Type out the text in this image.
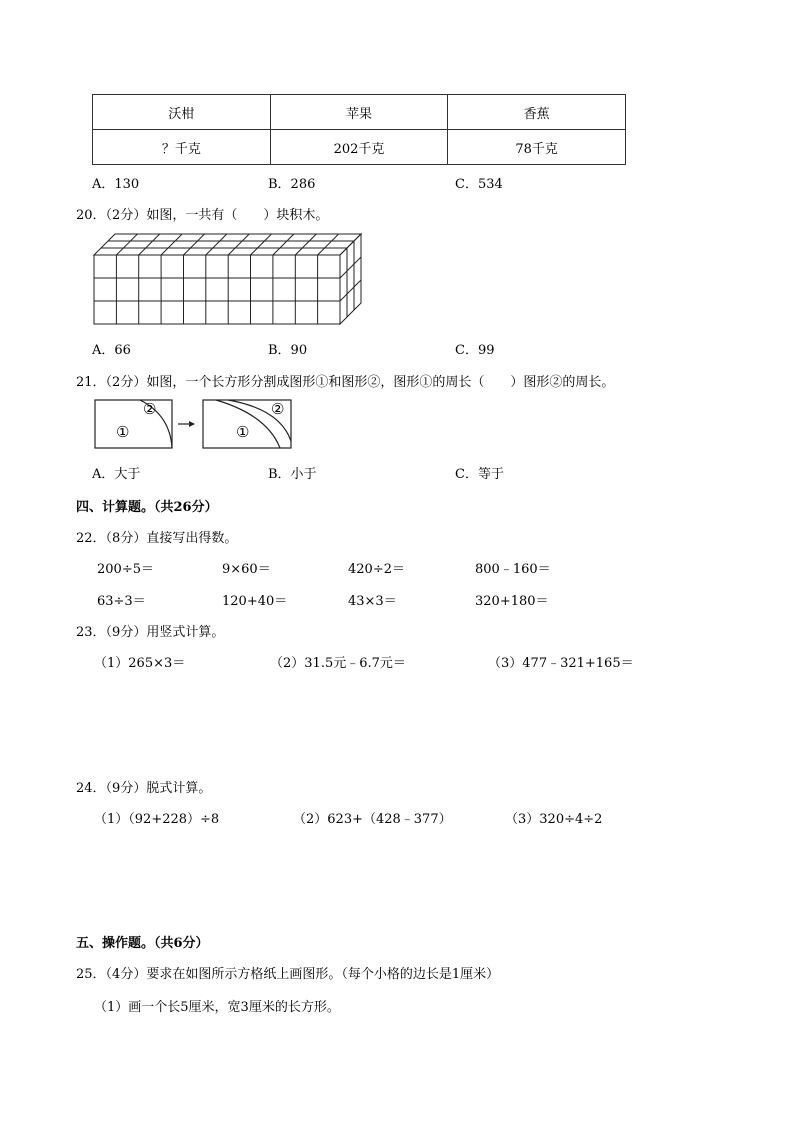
沃柑	苹果	香蕉
？千克	202千克	78千克
A．130	B．286	C．534
20．（2分）如图，一共有（　　）块积木。
A．66	B．90	C．99
21．（2分）如图，一个长方形分割成图形①和图形②，图形①的周长（　　）图形②的周长。
①
②
①
②
A．大于	B．小于	C．等于
四、计算题。（共26分）
22．（8分）直接写出得数。
200÷5＝	9×60＝	420÷2＝	800﹣160＝
63÷3＝	120+40＝	43×3＝	320+180＝
23．（9分）用竖式计算。
（1）265×3＝	（2）31.5元﹣6.7元＝	（3）477﹣321+165＝
24．（9分）脱式计算。
（1）（92+228）÷8	（2）623+（428﹣377）	（3）320÷4÷2
五、操作题。（共6分）
25．（4分）要求在如图所示方格纸上画图形。（每个小格的边长是1厘米）
（1）画一个长5厘米，宽3厘米的长方形。
